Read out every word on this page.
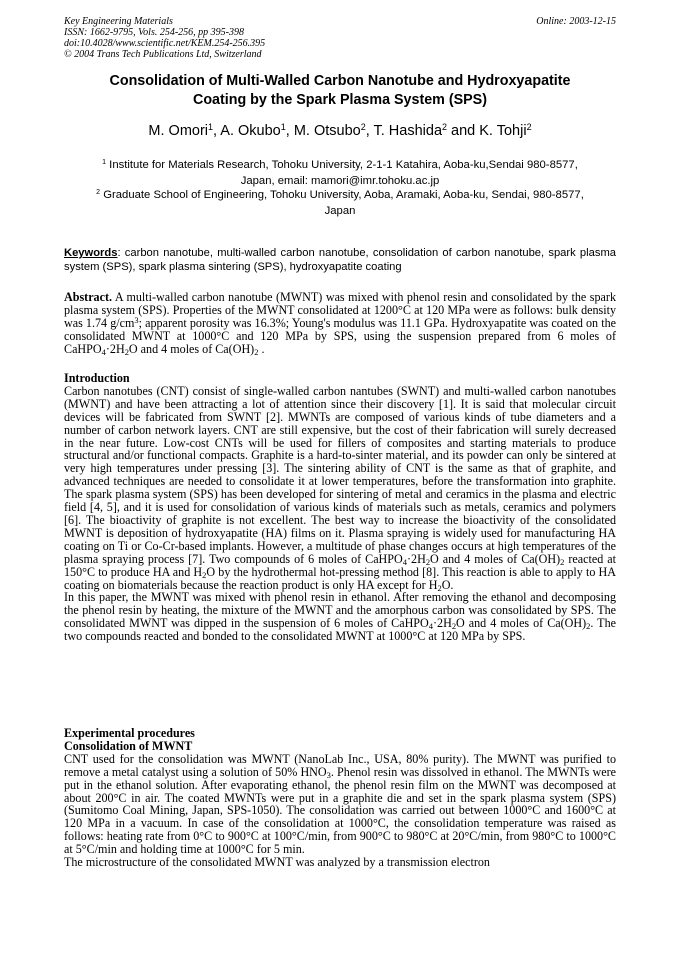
Key Engineering Materials
ISSN: 1662-9795, Vols. 254-256, pp 395-398
doi:10.4028/www.scientific.net/KEM.254-256.395
© 2004 Trans Tech Publications Ltd, Switzerland
Online: 2003-12-15
Consolidation of Multi-Walled Carbon Nanotube and Hydroxyapatite
Coating by the Spark Plasma System (SPS)
M. Omori$^1$, A. Okubo$^1$, M. Otsubo$^2$, T. Hashida$^2$ and K. Tohji$^2$
$^1$ Institute for Materials Research, Tohoku University, 2-1-1 Katahira, Aoba-ku,Sendai 980-8577,
Japan, email: mamori@imr.tohoku.ac.jp
$^2$ Graduate School of Engineering, Tohoku University, Aoba, Aramaki, Aoba-ku, Sendai, 980-8577,
Japan
Keywords: carbon nanotube, multi-walled carbon nanotube, consolidation of carbon nanotube, spark plasma system (SPS), spark plasma sintering (SPS), hydroxyapatite coating

Abstract. A multi-walled carbon nanotube (MWNT) was mixed with phenol resin and consolidated by the spark plasma system (SPS). Properties of the MWNT consolidated at 1200°C at 120 MPa were as follows: bulk density was 1.74 $g/cm^3$; apparent porosity was 16.3%; Young's modulus was 11.1 GPa. Hydroxyapatite was coated on the consolidated MWNT at 1000°C and 120 MPa by SPS, using the suspension prepared from 6 moles of $CaHPO_4\cdot 2H_2O$ and 4 moles of $Ca(OH)_2$ .

Introduction

Carbon nanotubes (CNT) consist of single-walled carbon nantubes (SWNT) and multi-walled carbon nanotubes (MWNT) and have been attracting a lot of attention since their discovery [1]. It is said that molecular circuit devices will be fabricated from SWNT [2]. MWNTs are composed of various kinds of tube diameters and a number of carbon network layers. CNT are still expensive, but the cost of their fabrication will surely decreased in the near future. Low-cost CNTs will be used for fillers of composites and starting materials to produce structural and/or functional compacts. Graphite is a hard-to-sinter material, and its powder can only be sintered at very high temperatures under pressing [3]. The sintering ability of CNT is the same as that of graphite, and advanced techniques are needed to consolidate it at lower temperatures, before the transformation into graphite. The spark plasma system (SPS) has been developed for sintering of metal and ceramics in the plasma and electric field [4, 5], and it is used for consolidation of various kinds of materials such as metals, ceramics and polymers [6]. The bioactivity of graphite is not excellent. The best way to increase the bioactivity of the consolidated MWNT is deposition of hydroxyapatite (HA) films on it. Plasma spraying is widely used for manufacturing HA coating on Ti or Co-Cr-based implants. However, a multitude of phase changes occurs at high temperatures of the plasma spraying process [7]. Two compounds of 6 moles of $CaHPO_4\cdot 2H_2O$ and 4 moles of $Ca(OH)_2$ reacted at 150°C to produce HA and $H_2O$ by the hydrothermal hot-pressing method [8]. This reaction is able to apply to HA coating on biomaterials because the reaction product is only HA except for $H_2O$.

In this paper, the MWNT was mixed with phenol resin in ethanol. After removing the ethanol and decomposing the phenol resin by heating, the mixture of the MWNT and the amorphous carbon was consolidated by SPS. The consolidated MWNT was dipped in the suspension of 6 moles of $CaHPO_4\cdot 2H_2O$ and 4 moles of $Ca(OH)_2$. The two compounds reacted and bonded to the consolidated MWNT at 1000°C at 120 MPa by SPS.

Experimental procedures

Consolidation of MWNT

CNT used for the consolidation was MWNT (NanoLab Inc., USA, 80% purity). The MWNT was purified to remove a metal catalyst using a solution of 50% $HNO_3$. Phenol resin was dissolved in ethanol. The MWNTs were put in the ethanol solution. After evaporating ethanol, the phenol resin film on the MWNT was decomposed at about 200°C in air. The coated MWNTs were put in a graphite die and set in the spark plasma system (SPS) (Sumitomo Coal Mining, Japan, SPS-1050). The consolidation was carried out between 1000°C and 1600°C at 120 MPa in a vacuum. In case of the consolidation at 1000°C, the consolidation temperature was raised as follows: heating rate from 0°C to 900°C at 100°C/min, from 900°C to 980°C at 20°C/min, from 980°C to 1000°C at 5°C/min and holding time at 1000°C for 5 min.

The microstructure of the consolidated MWNT was analyzed by a transmission electron
